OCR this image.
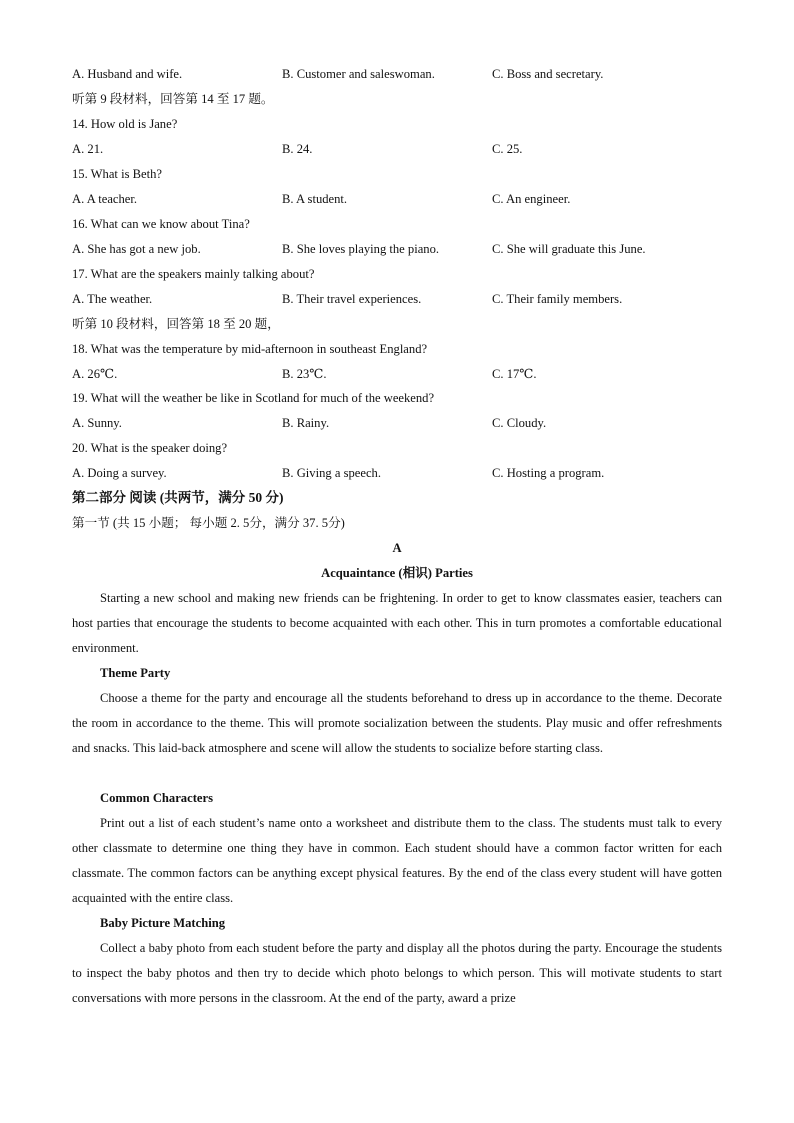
A. Husband and wife.	B. Customer and saleswoman.	C. Boss and secretary.
听第 9 段材料，回答第 14 至 17 题。
14. How old is Jane?
A. 21.	B. 24.	C. 25.
15. What is Beth?
A. A teacher.	B. A student.	C. An engineer.
16. What can we know about Tina?
A. She has got a new job.	B. She loves playing the piano.	C. She will graduate this June.
17. What are the speakers mainly talking about?
A. The weather.	B. Their travel experiences.	C. Their family members.
听第 10 段材料，回答第 18 至 20 题，
18. What was the temperature by mid-afternoon in southeast England?
A. 26℃.	B. 23℃.	C. 17℃.
19. What will the weather be like in Scotland for much of the weekend?
A. Sunny.	B. Rainy.	C. Cloudy.
20. What is the speaker doing?
A. Doing a survey.	B. Giving a speech.	C. Hosting a program.
第二部分 阅读 (共两节，满分 50 分)
第一节 (共 15 小题； 每小题 2. 5分，满分 37. 5分)
A
Acquaintance (相识) Parties
Starting a new school and making new friends can be frightening. In order to get to know classmates easier, teachers can host parties that encourage the students to become acquainted with each other. This in turn promotes a comfortable educational environment.
Theme Party
Choose a theme for the party and encourage all the students beforehand to dress up in accordance to the theme. Decorate the room in accordance to the theme. This will promote socialization between the students. Play music and offer refreshments and snacks. This laid-back atmosphere and scene will allow the students to socialize before starting class.
Common Characters
Print out a list of each student’s name onto a worksheet and distribute them to the class. The students must talk to every other classmate to determine one thing they have in common. Each student should have a common factor written for each classmate. The common factors can be anything except physical features. By the end of the class every student will have gotten acquainted with the entire class.
Baby Picture Matching
Collect a baby photo from each student before the party and display all the photos during the party. Encourage the students to inspect the baby photos and then try to decide which photo belongs to which person. This will motivate students to start conversations with more persons in the classroom. At the end of the party, award a prize
